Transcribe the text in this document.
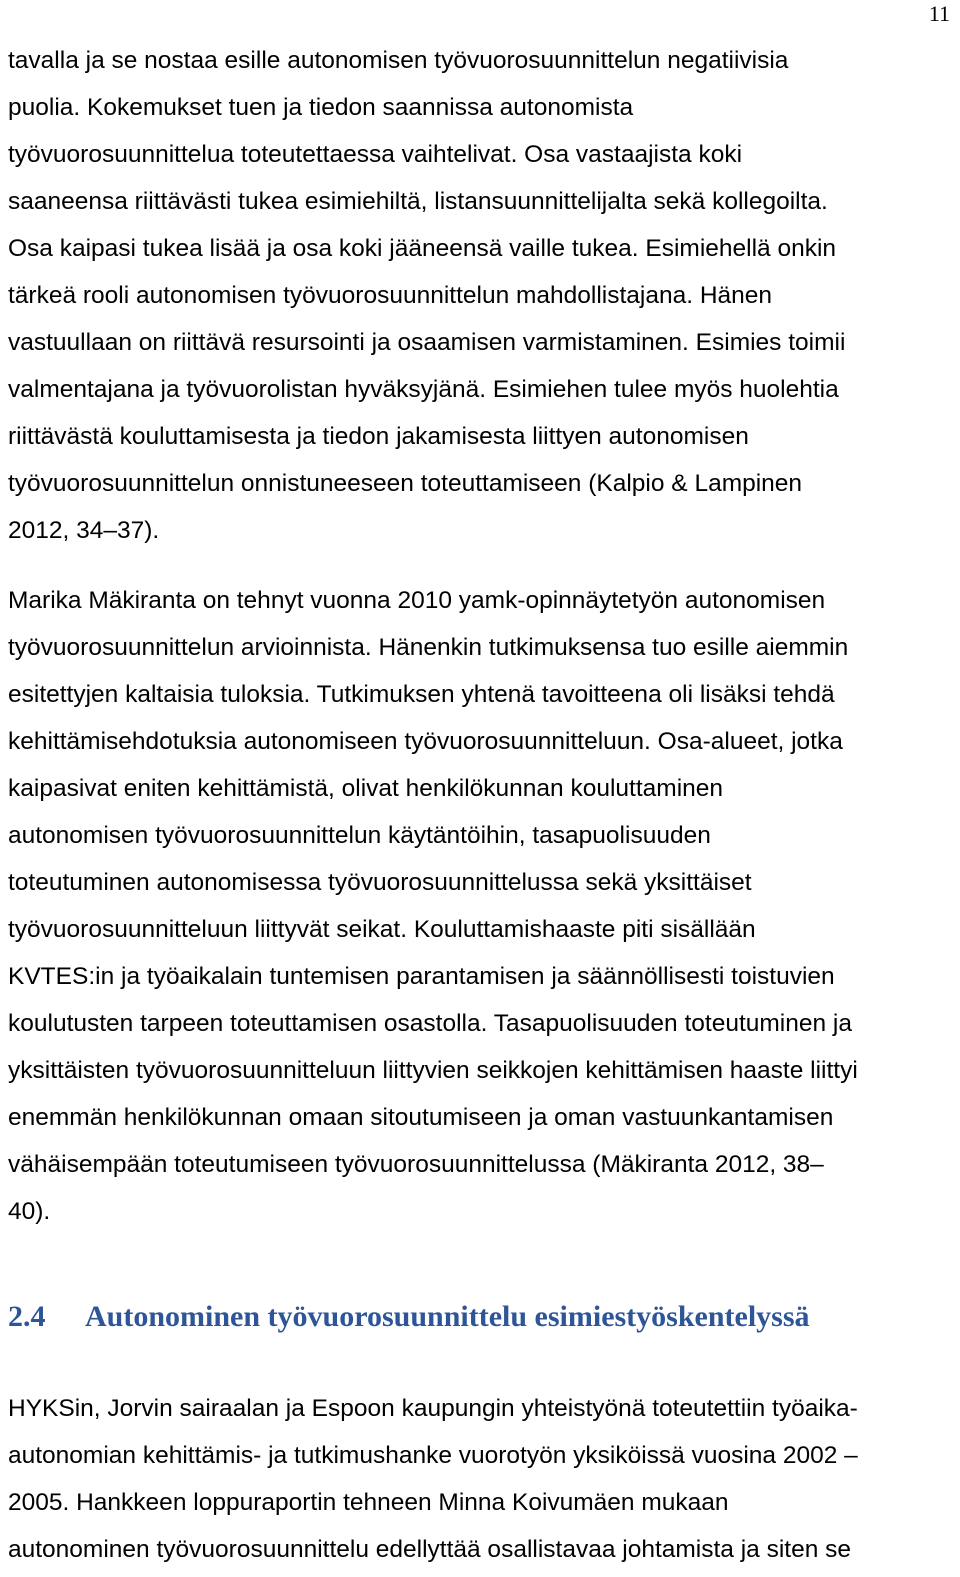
11
tavalla ja se nostaa esille autonomisen työvuorosuunnittelun negatiivisia
puolia. Kokemukset tuen ja tiedon saannissa autonomista
työvuorosuunnittelua toteutettaessa vaihtelivat. Osa vastaajista koki
saaneensa riittävästi tukea esimiehiltä, listansuunnittelijalta sekä kollegoilta.
Osa kaipasi tukea lisää ja osa koki jääneensä vaille tukea. Esimiehellä onkin
tärkeä rooli autonomisen työvuorosuunnittelun mahdollistajana. Hänen
vastuullaan on riittävä resursointi ja osaamisen varmistaminen. Esimies toimii
valmentajana ja työvuorolistan hyväksyjänä. Esimiehen tulee myös huolehtia
riittävästä kouluttamisesta ja tiedon jakamisesta liittyen autonomisen
työvuorosuunnittelun onnistuneeseen toteuttamiseen (Kalpio & Lampinen
2012, 34–37).
Marika Mäkiranta on tehnyt vuonna 2010 yamk-opinnäytetyön autonomisen
työvuorosuunnittelun arvioinnista. Hänenkin tutkimuksensa tuo esille aiemmin
esitettyjen kaltaisia tuloksia. Tutkimuksen yhtenä tavoitteena oli lisäksi tehdä
kehittämisehdotuksia autonomiseen työvuorosuunnitteluun. Osa-alueet, jotka
kaipasivat eniten kehittämistä, olivat henkilökunnan kouluttaminen
autonomisen työvuorosuunnittelun käytäntöihin, tasapuolisuuden
toteutuminen autonomisessa työvuorosuunnittelussa sekä yksittäiset
työvuorosuunnitteluun liittyvät seikat. Kouluttamishaaste piti sisällään
KVTES:in ja työaikalain tuntemisen parantamisen ja säännöllisesti toistuvien
koulutusten tarpeen toteuttamisen osastolla. Tasapuolisuuden toteutuminen ja
yksittäisten työvuorosuunnitteluun liittyvien seikkojen kehittämisen haaste liittyi
enemmän henkilökunnan omaan sitoutumiseen ja oman vastuunkantamisen
vähäisempään toteutumiseen työvuorosuunnittelussa (Mäkiranta 2012, 38–
40).
2.4 Autonominen työvuorosuunnittelu esimiestyöskentelyssä
HYKSin, Jorvin sairaalan ja Espoon kaupungin yhteistyönä toteutettiin työaika-
autonomian kehittämis- ja tutkimushanke vuorotyön yksiköissä vuosina 2002 –
2005. Hankkeen loppuraportin tehneen Minna Koivumäen mukaan
autonominen työvuorosuunnittelu edellyttää osallistavaa johtamista ja siten se
